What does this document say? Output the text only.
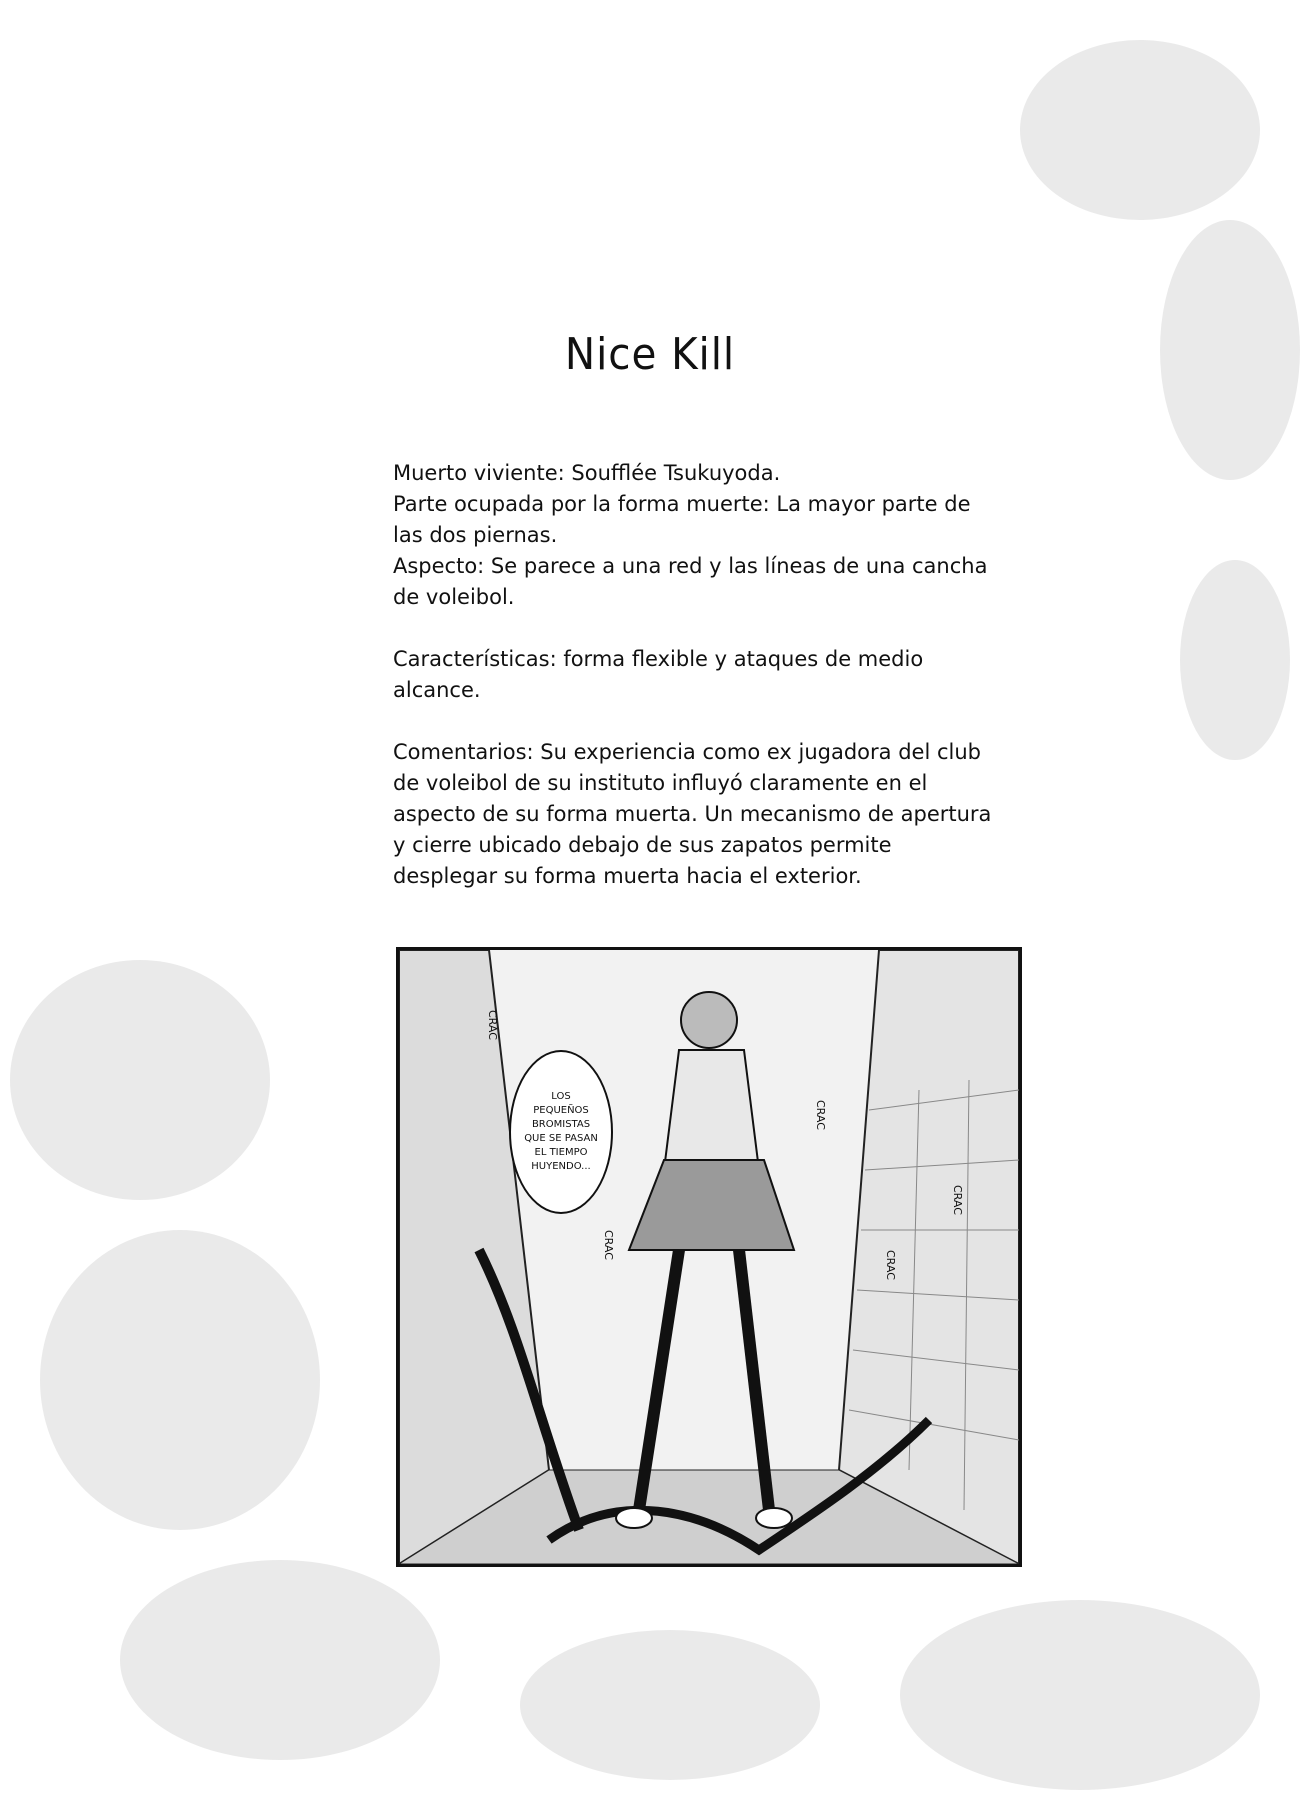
Nice Kill

Muerto viviente: Soufflée Tsukuyoda.

Parte ocupada por la forma muerte: La mayor parte de las dos piernas.

Aspecto: Se parece a una red y las líneas de una cancha de voleibol.

Características: forma flexible y ataques de medio alcance.

Comentarios: Su experiencia como ex jugadora del club de voleibol de su instituto influyó claramente en el aspecto de su forma muerta. Un mecanismo de apertura y cierre ubicado debajo de sus zapatos permite desplegar su forma muerta hacia el exterior.

LOS PEQUEÑOS BROMISTAS QUE SE PASAN EL TIEMPO HUYENDO...
CRAC
CRAC
CRAC
CRAC
CRAC
